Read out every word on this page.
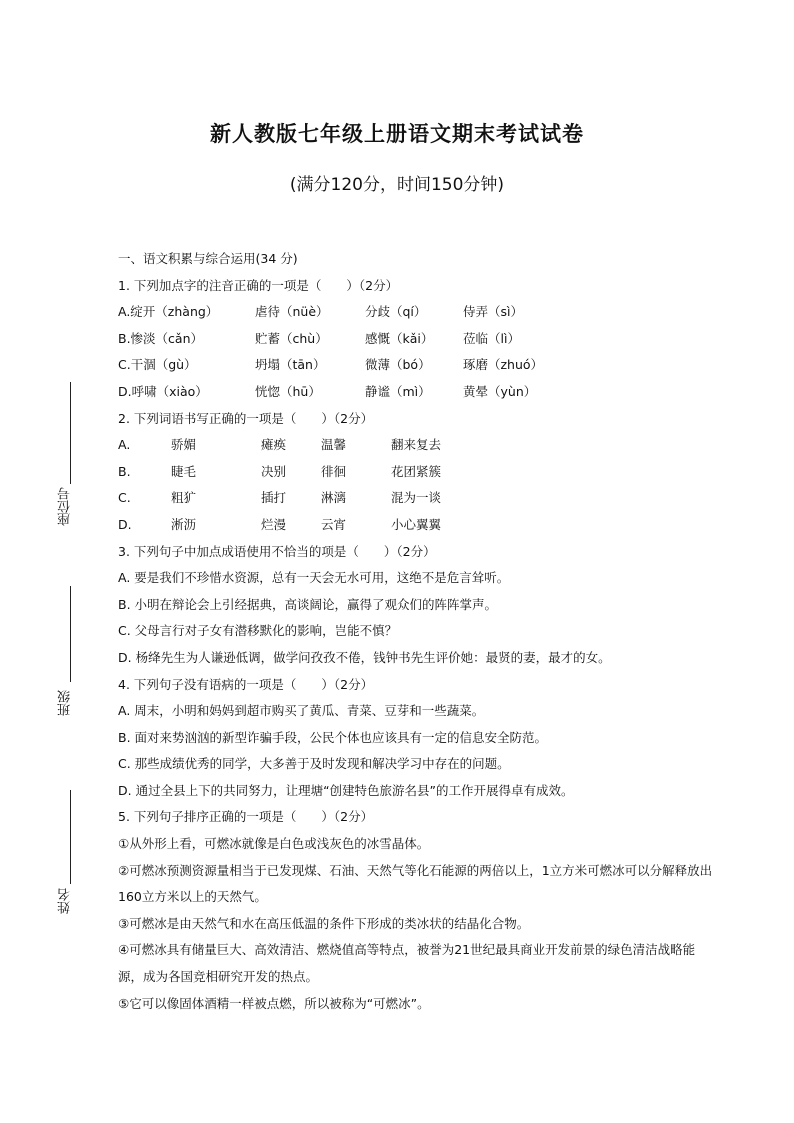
座位号
班级
姓名
新人教版七年级上册语文期末考试试卷
(满分120分，时间150分钟)
一、语文积累与综合运用(34 分)
1. 下列加点字的注音正确的一项是（　　）（2分）
A.绽开（zhàng）	虐待（nüè）	分歧（qí）	侍弄（sì）
B.惨淡（cǎn）	贮蓄（chù）	感慨（kǎi）	莅临（lì）
C.干涸（gù）	坍塌（tān）	微薄（bó）	琢磨（zhuó）
D.呼啸（xiào）	恍惚（hū）	静谧（mì）	黄晕（yùn）
2. 下列词语书写正确的一项是（　　）（2分）
A.	骄媚	瘫痪	温馨	翻来复去
B.	睫毛	决别	徘徊	花团紧簇
C.	粗犷	插打	淋漓	混为一谈
D.	淅沥	烂漫	云宵	小心翼翼
3. 下列句子中加点成语使用不恰当的项是（　　）（2分）
A. 要是我们不珍惜水资源，总有一天会无水可用，这绝不是危言耸听。
B. 小明在辩论会上引经据典，高谈阔论，赢得了观众们的阵阵掌声。
C. 父母言行对子女有潜移默化的影响，岂能不慎？
D. 杨绛先生为人谦逊低调，做学问孜孜不倦，钱钟书先生评价她：最贤的妻，最才的女。
4. 下列句子没有语病的一项是（　　）（2分）
A. 周末，小明和妈妈到超市购买了黄瓜、青菜、豆芽和一些蔬菜。
B. 面对来势汹汹的新型诈骗手段，公民个体也应该具有一定的信息安全防范。
C. 那些成绩优秀的同学，大多善于及时发现和解决学习中存在的问题。
D. 通过全县上下的共同努力，让理塘“创建特色旅游名县”的工作开展得卓有成效。
5. 下列句子排序正确的一项是（　　）（2分）
①从外形上看，可燃冰就像是白色或浅灰色的冰雪晶体。
②可燃冰预测资源量相当于已发现煤、石油、天然气等化石能源的两倍以上，1立方米可燃冰可以分解释放出160立方米以上的天然气。
③可燃冰是由天然气和水在高压低温的条件下形成的类冰状的结晶化合物。
④可燃冰具有储量巨大、高效清洁、燃烧值高等特点，被誉为21世纪最具商业开发前景的绿色清洁战略能源，成为各国竞相研究开发的热点。
⑤它可以像固体酒精一样被点燃，所以被称为“可燃冰”。
